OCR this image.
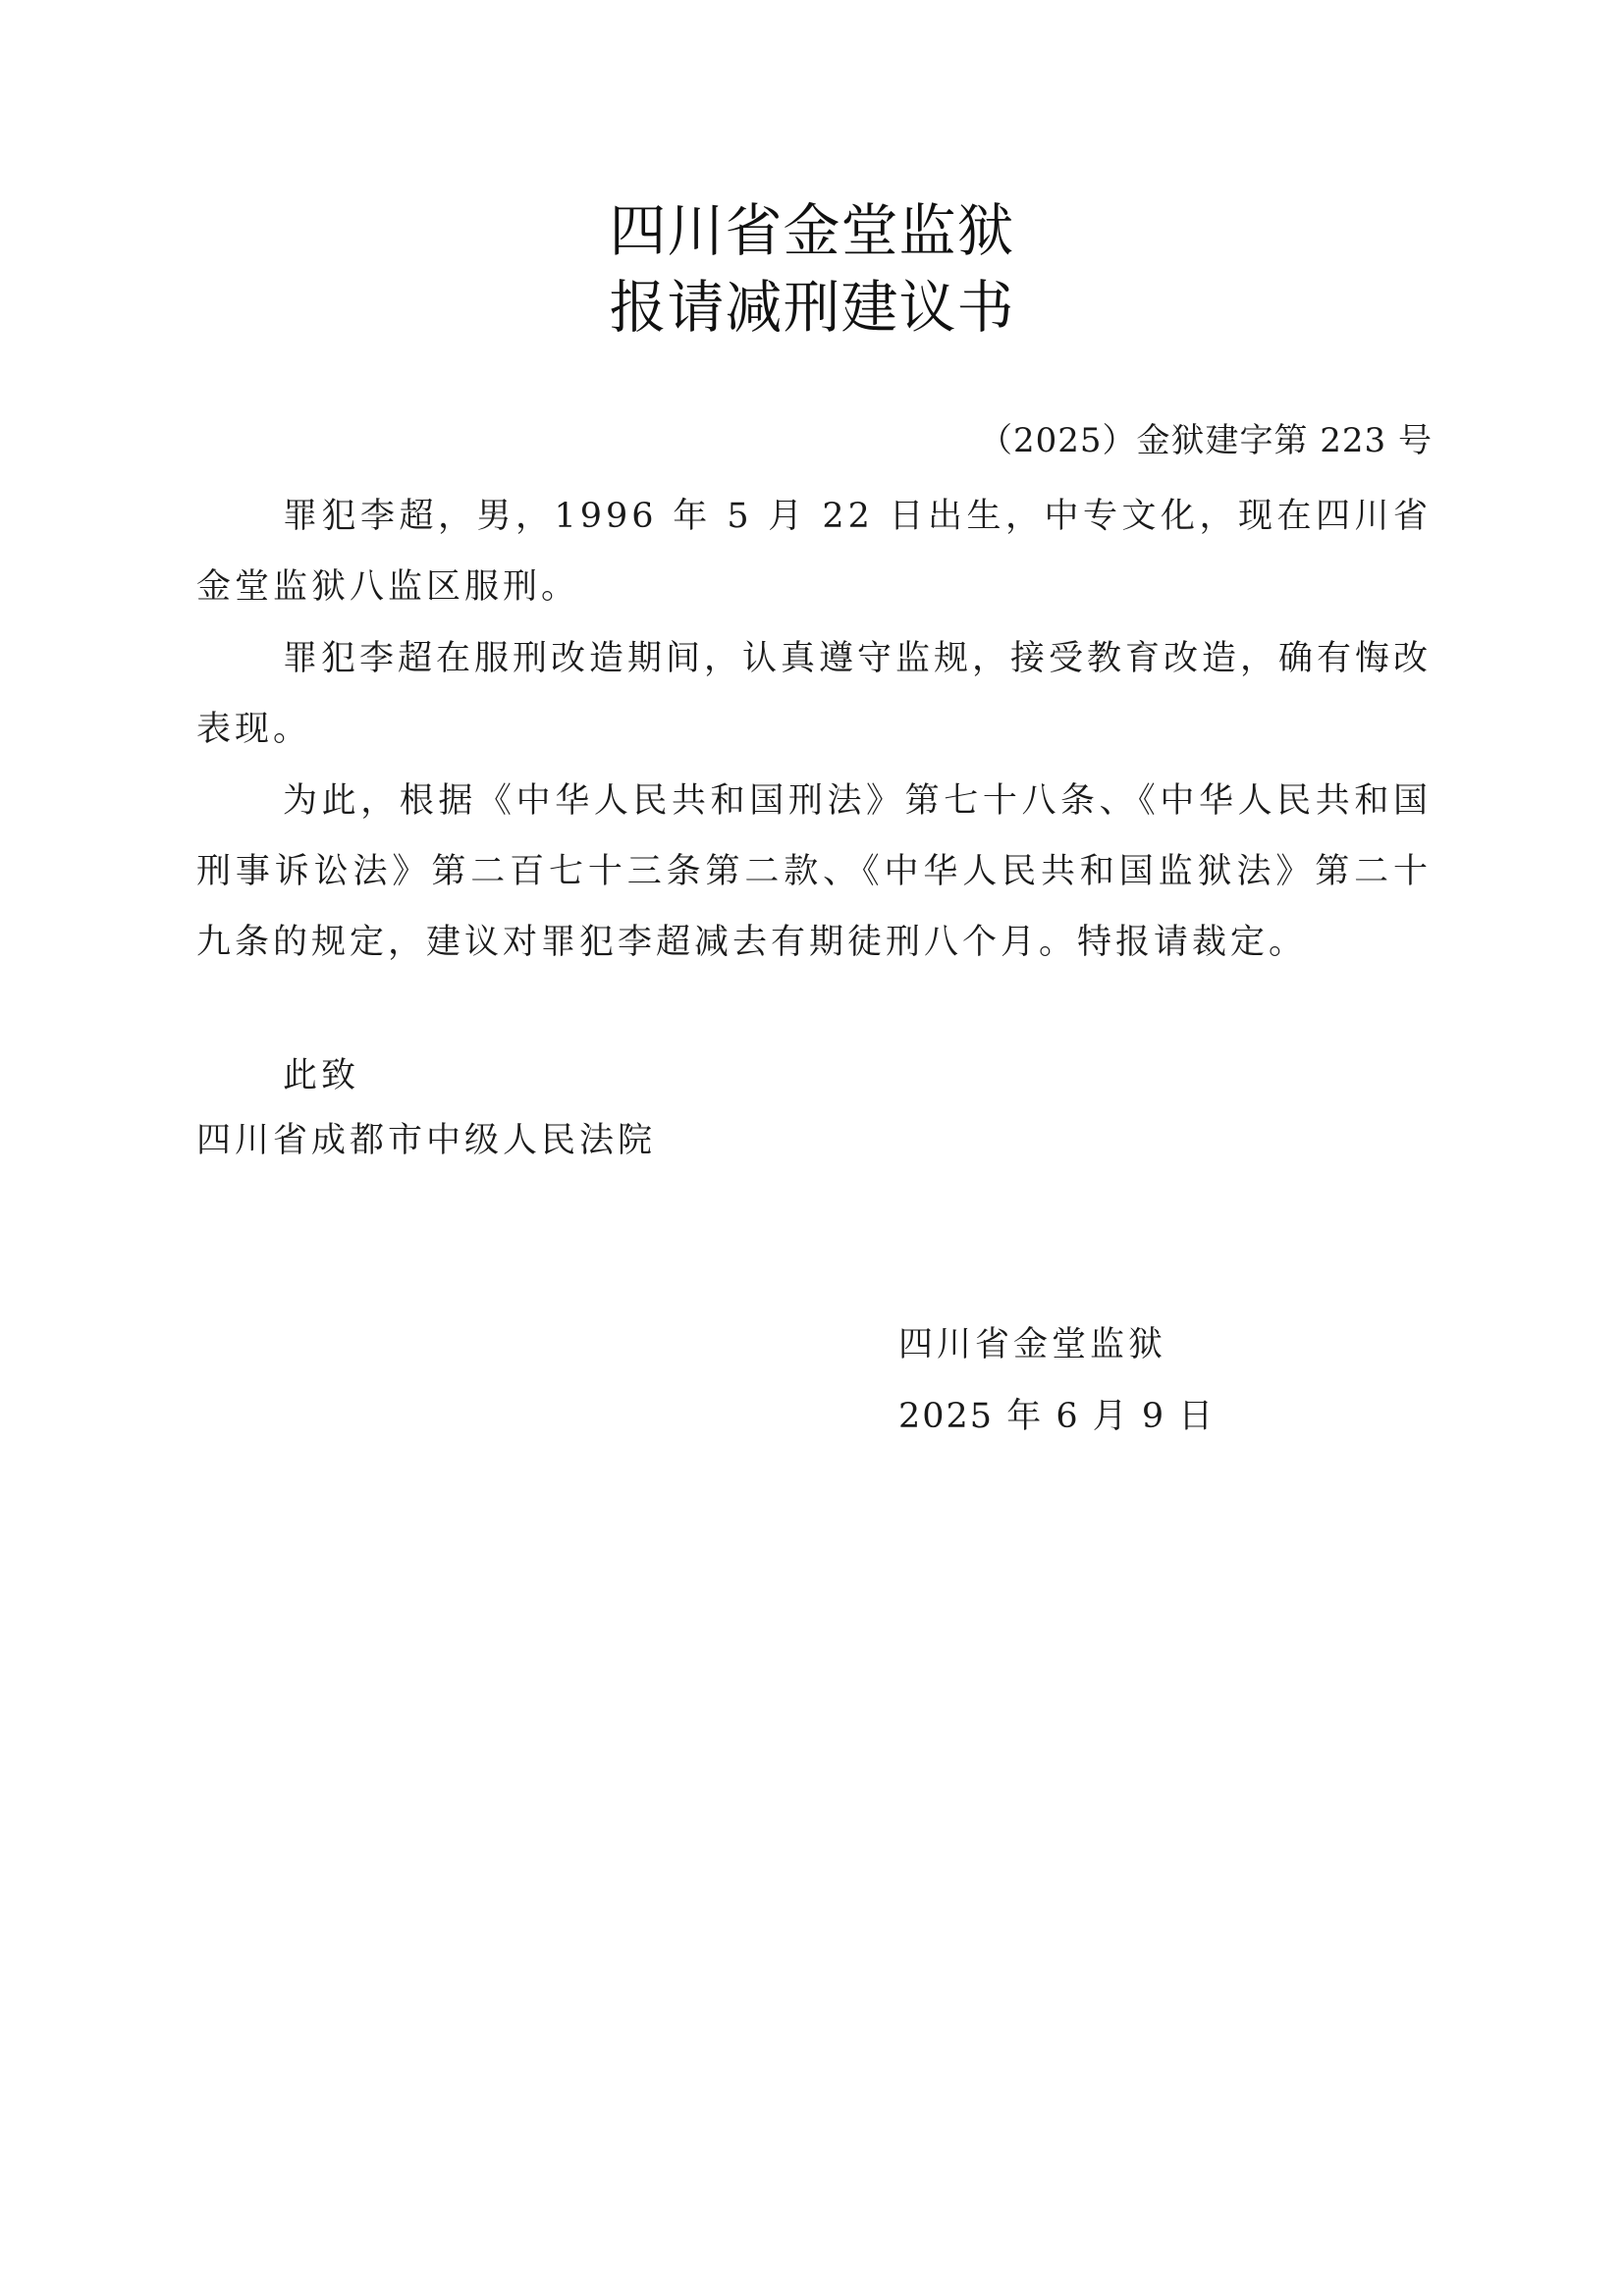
四川省金堂监狱
报请减刑建议书
（2025）金狱建字第 223 号

罪犯李超，男，1996 年 5 月 22 日出生，中专文化，现在四川省金堂监狱八监区服刑。

罪犯李超在服刑改造期间，认真遵守监规，接受教育改造，确有悔改表现。

为此，根据《中华人民共和国刑法》第七十八条、《中华人民共和国刑事诉讼法》第二百七十三条第二款、《中华人民共和国监狱法》第二十九条的规定，建议对罪犯李超减去有期徒刑八个月。特报请裁定。

此致

四川省成都市中级人民法院
四川省金堂监狱
2025 年 6 月 9 日
